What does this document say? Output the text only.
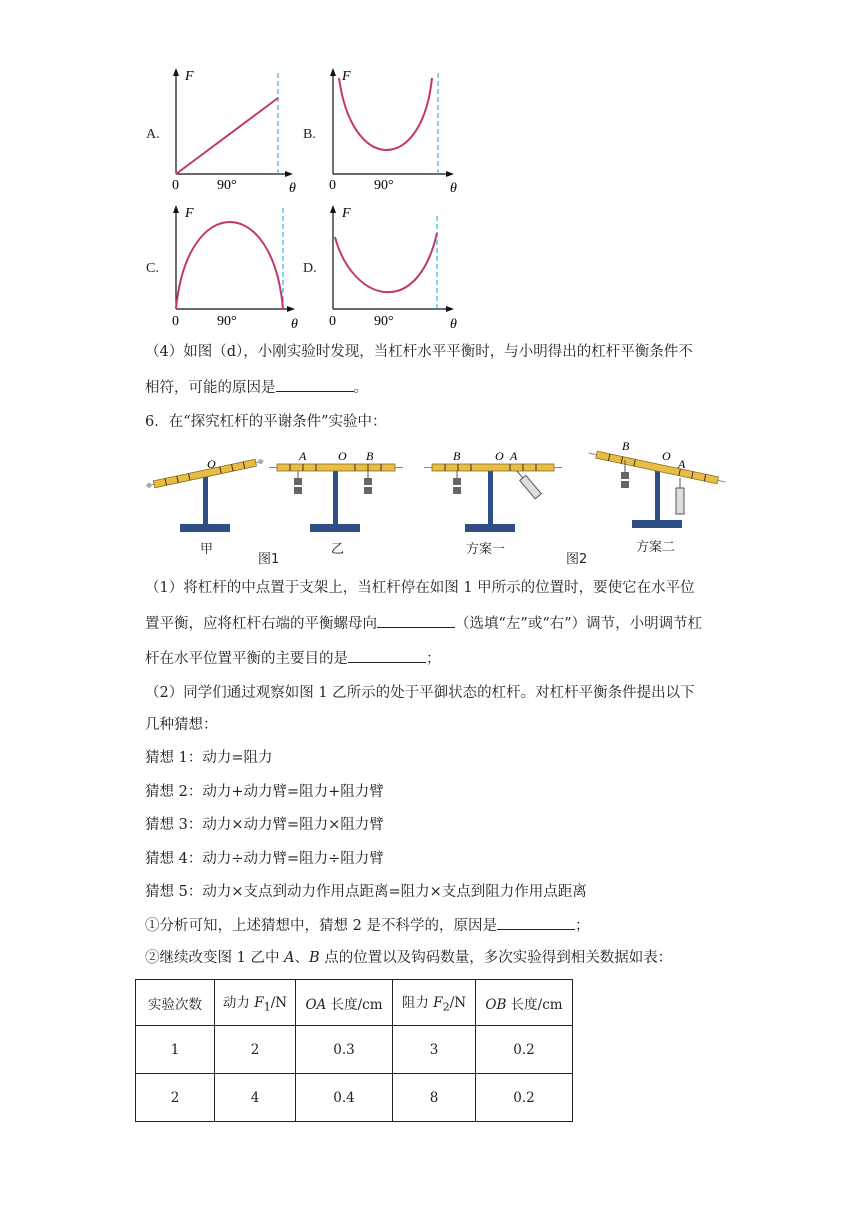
A.
F
0	90°	θ
B.
F
0	90°	θ
C.
F
0	90°	θ
D.
F
0	90°	θ
（4）如图（d），小刚实验时发现，当杠杆水平平衡时，与小明得出的杠杆平衡条件不
相符，可能的原因是	。
6．在“探究杠杆的平谢条件”实验中：
O
A	O B	B	O A
B
O
A
甲
图1
乙	方案一
图2
方案二
（1）将杠杆的中点置于支架上，当杠杆停在如图 1 甲所示的位置时，要使它在水平位
置平衡，应将杠杆右端的平衡螺母向	（选填“左”或“右”）调节，小明调节杠
杆在水平位置平衡的主要目的是	；
（2）同学们通过观察如图 1 乙所示的处于平御状态的杠杆。对杠杆平衡条件提出以下
几种猜想：
猜想 1：动力=阻力
猜想 2：动力+动力臂=阻力+阻力臂
猜想 3：动力×动力臂=阻力×阻力臂
猜想 4：动力÷动力臂=阻力÷阻力臂
猜想 5：动力×支点到动力作用点距离=阻力×支点到阻力作用点距离
①分析可知，上述猜想中，猜想 2 是不科学的，原因是	；
②继续改变图 1 乙中 A、B 点的位置以及钩码数量，多次实验得到相关数据如表：
实验次数	动力 $F_1/N$	OA 长度/cm	阻力 $F_2/N$	OB 长度/cm
1	2	0.3	3	0.2
2	4	0.4	8	0.2
